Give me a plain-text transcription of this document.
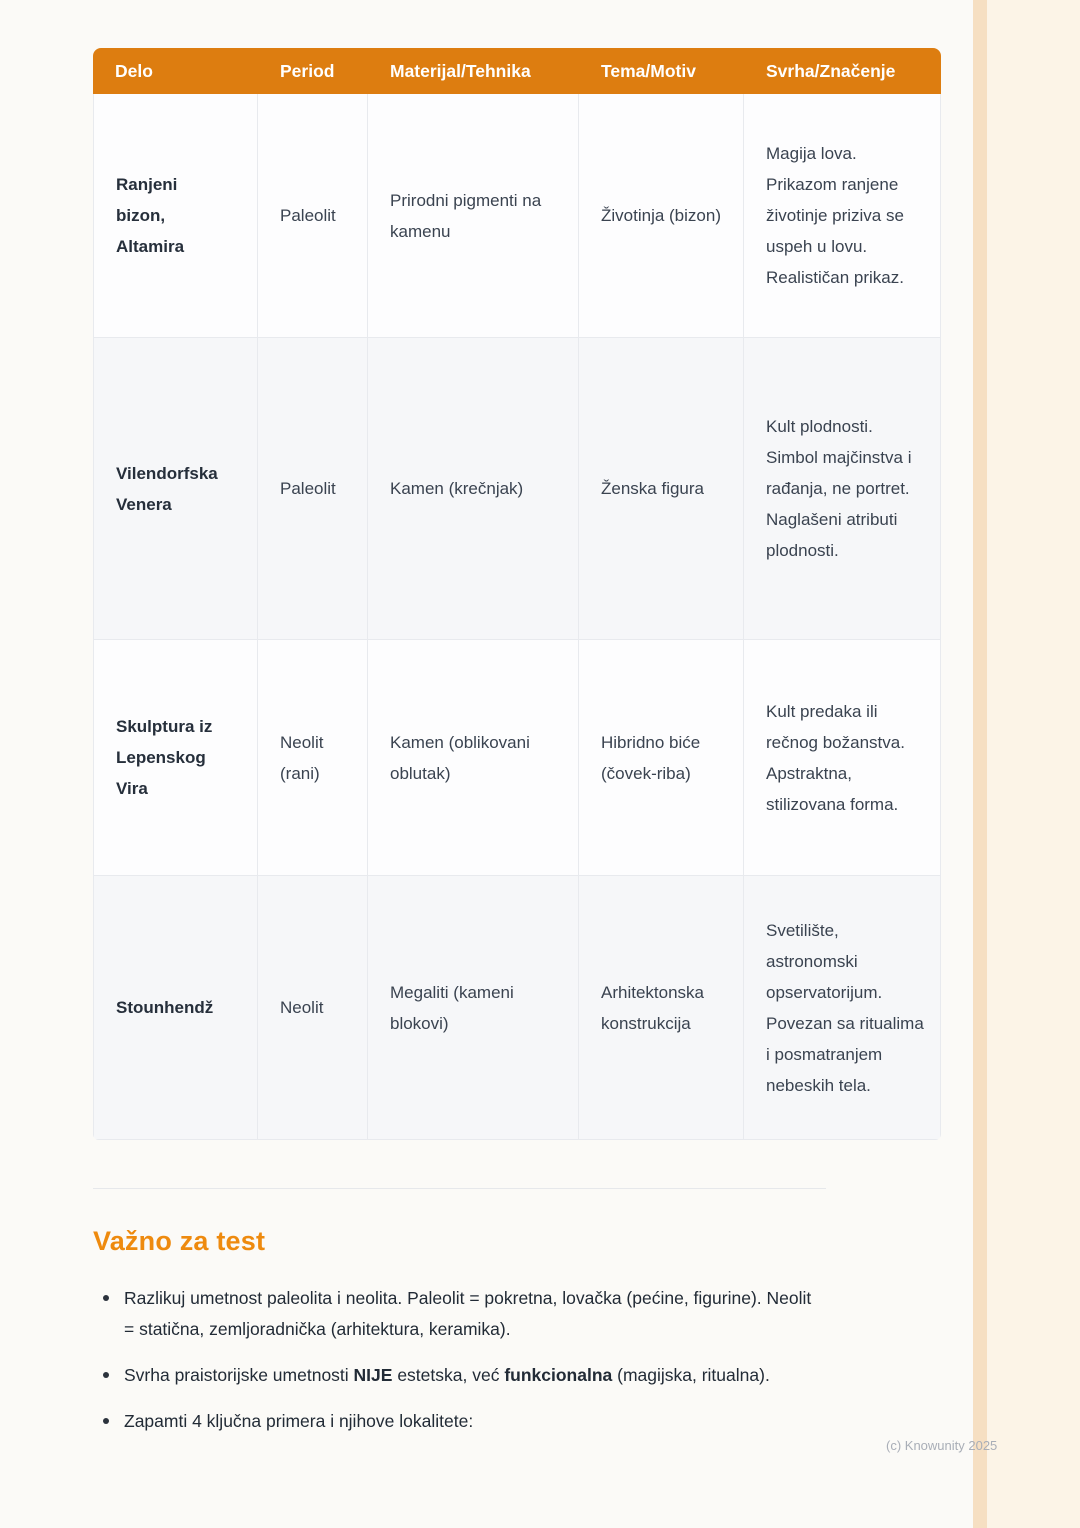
Delo	Period	Materijal/Tehnika	Tema/Motiv	Svrha/Značenje
Ranjeni bizon, Altamira	Paleolit	Prirodni pigmenti na kamenu	Životinja (bizon)	Magija lova. Prikazom ranjene životinje priziva se uspeh u lovu. Realističan prikaz.
Vilendorfska Venera	Paleolit	Kamen (krečnjak)	Ženska figura	Kult plodnosti. Simbol majčinstva i rađanja, ne portret. Naglašeni atributi plodnosti.
Skulptura iz Lepenskog Vira	Neolit (rani)	Kamen (oblikovani oblutak)	Hibridno biće (čovek-riba)	Kult predaka ili rečnog božanstva. Apstraktna, stilizovana forma.
Stounhendž	Neolit	Megaliti (kameni blokovi)	Arhitektonska konstrukcija	Svetilište, astronomski opservatorijum. Povezan sa ritualima i posmatranjem nebeskih tela.
Važno za test
Razlikuj umetnost paleolita i neolita. Paleolit = pokretna, lovačka (pećine, figurine). Neolit = statična, zemljoradnička (arhitektura, keramika).
Svrha praistorijske umetnosti NIJE estetska, već funkcionalna (magijska, ritualna).
Zapamti 4 ključna primera i njihove lokalitete:
(c) Knowunity 2025
